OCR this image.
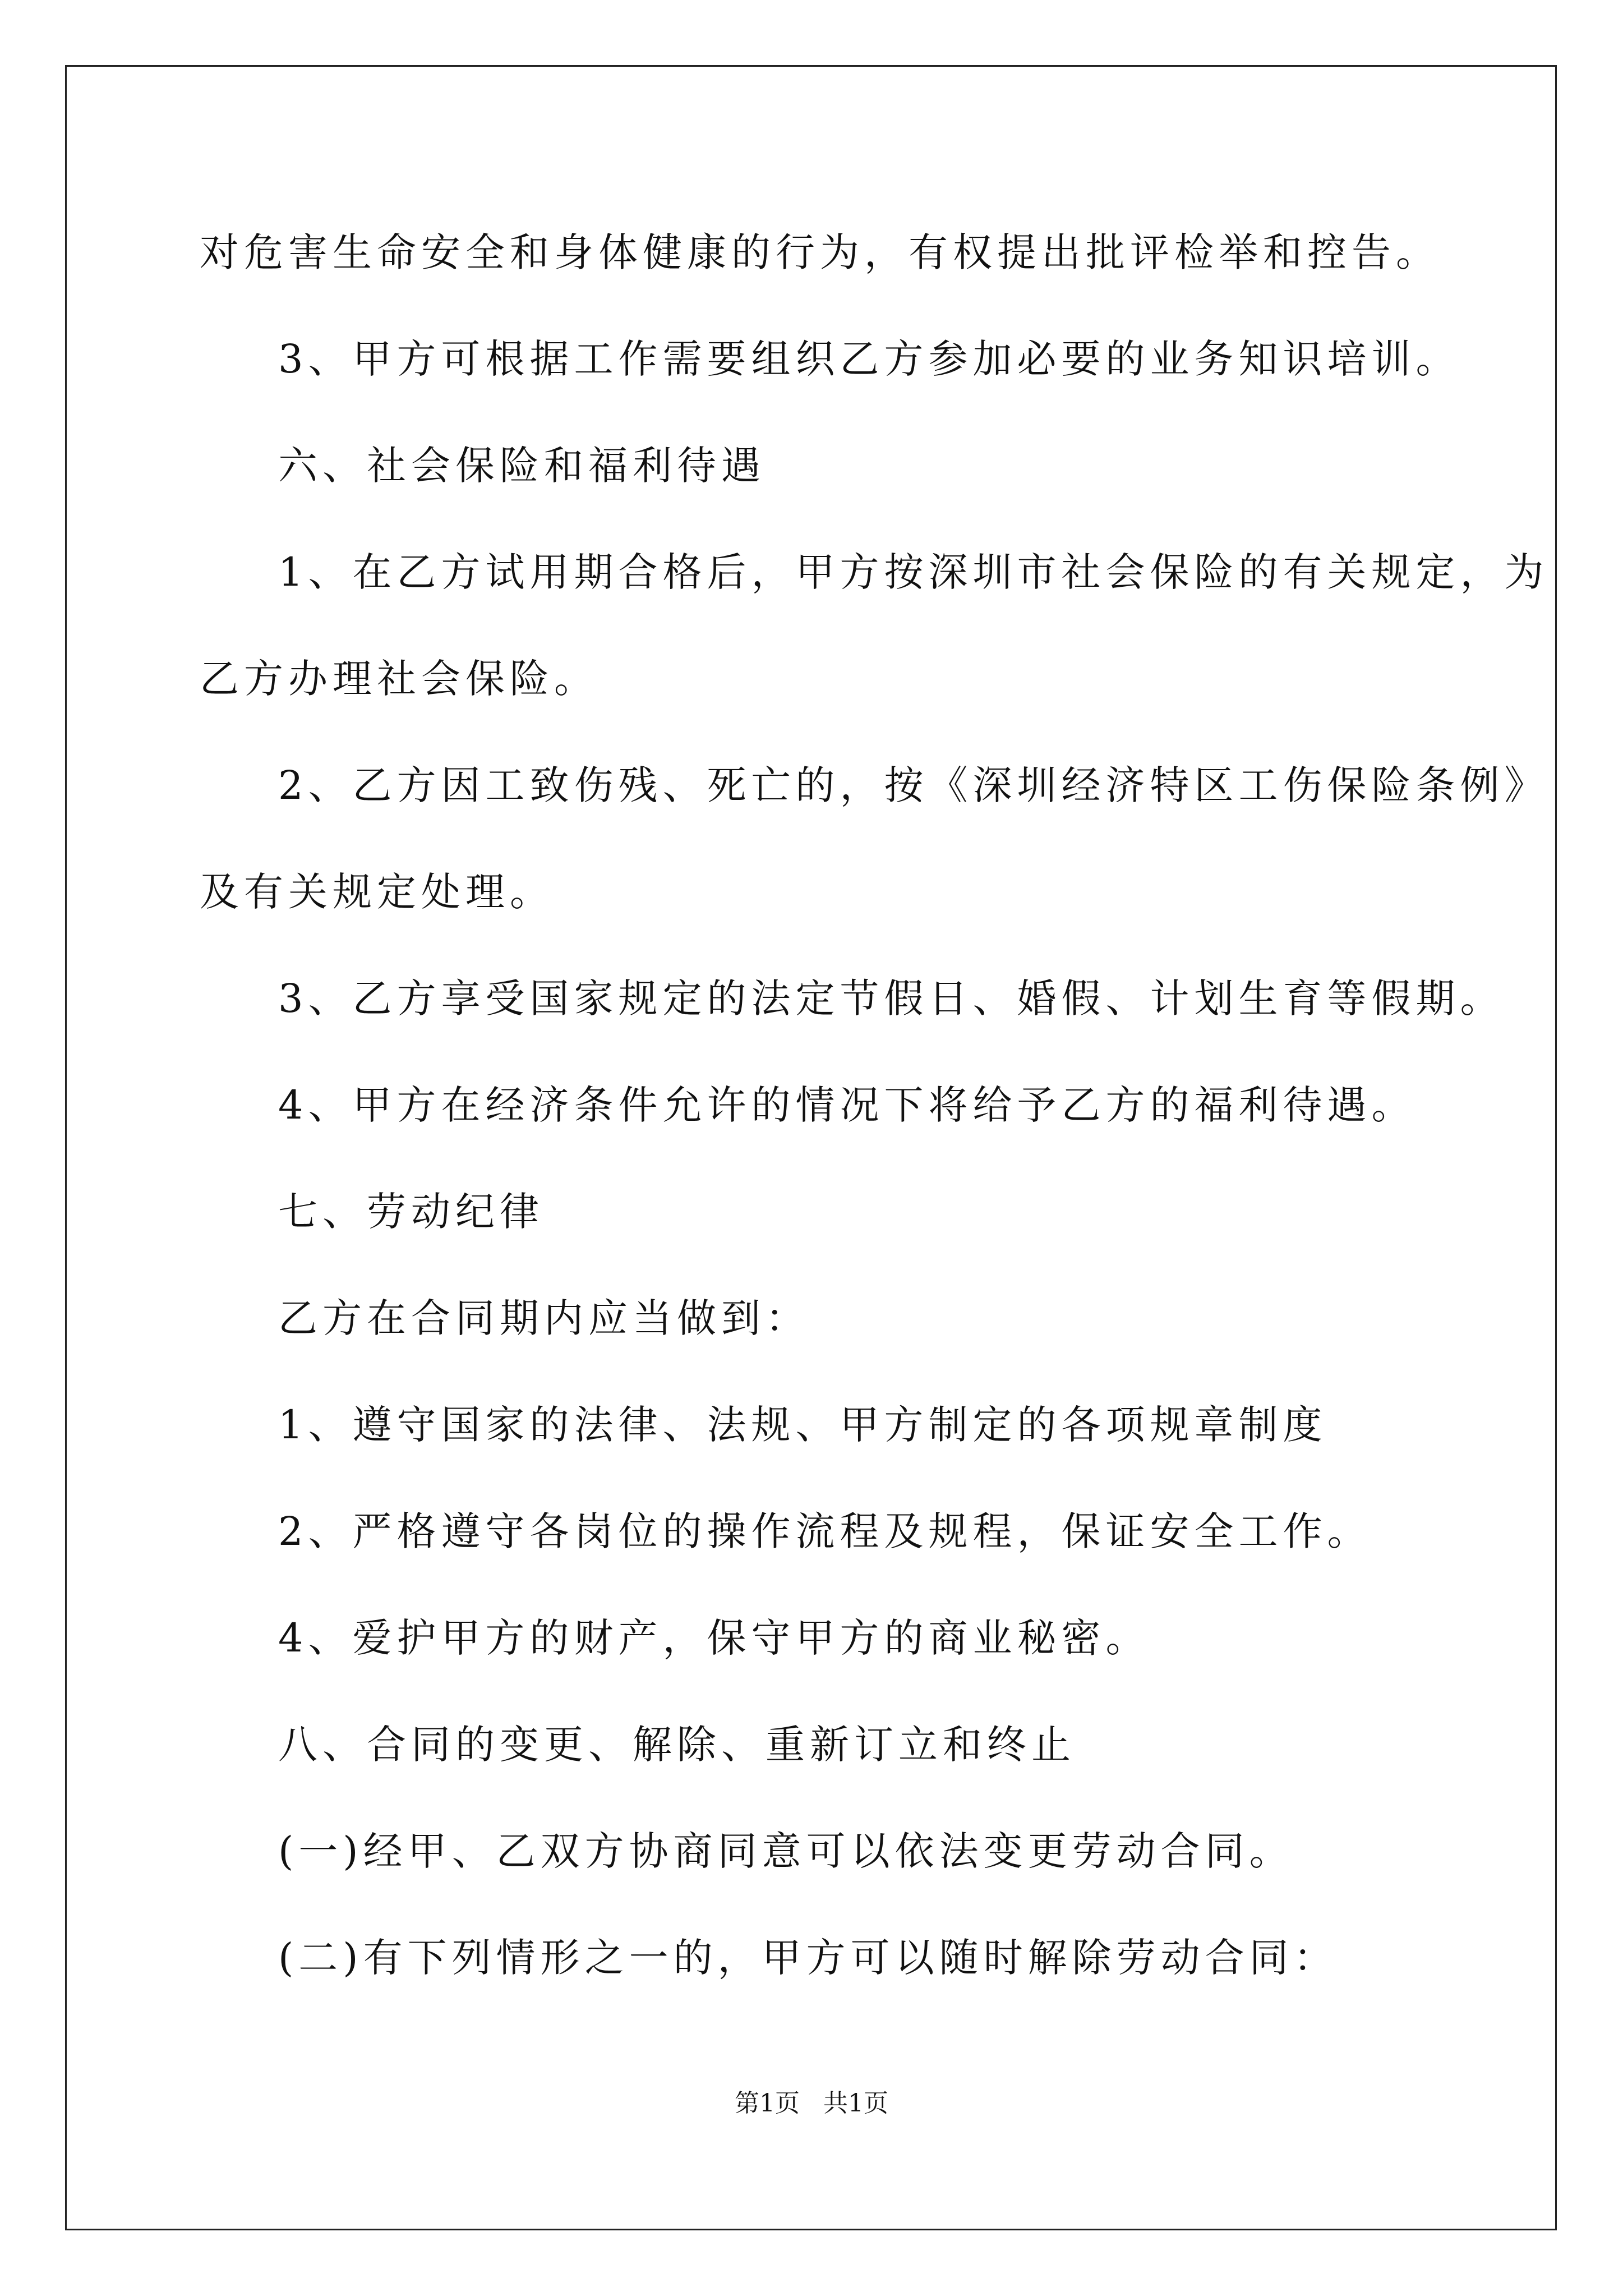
对危害生命安全和身体健康的行为，有权提出批评检举和控告。
3、甲方可根据工作需要组织乙方参加必要的业务知识培训。
六、社会保险和福利待遇
1、在乙方试用期合格后，甲方按深圳市社会保险的有关规定，为
乙方办理社会保险。
2、乙方因工致伤残、死亡的，按《深圳经济特区工伤保险条例》
及有关规定处理。
3、乙方享受国家规定的法定节假日、婚假、计划生育等假期。
4、甲方在经济条件允许的情况下将给予乙方的福利待遇。
七、劳动纪律
乙方在合同期内应当做到：
1、遵守国家的法律、法规、甲方制定的各项规章制度
2、严格遵守各岗位的操作流程及规程，保证安全工作。
4、爱护甲方的财产，保守甲方的商业秘密。
八、合同的变更、解除、重新订立和终止
(一)经甲、乙双方协商同意可以依法变更劳动合同。
(二)有下列情形之一的，甲方可以随时解除劳动合同：
第1页   共1页
